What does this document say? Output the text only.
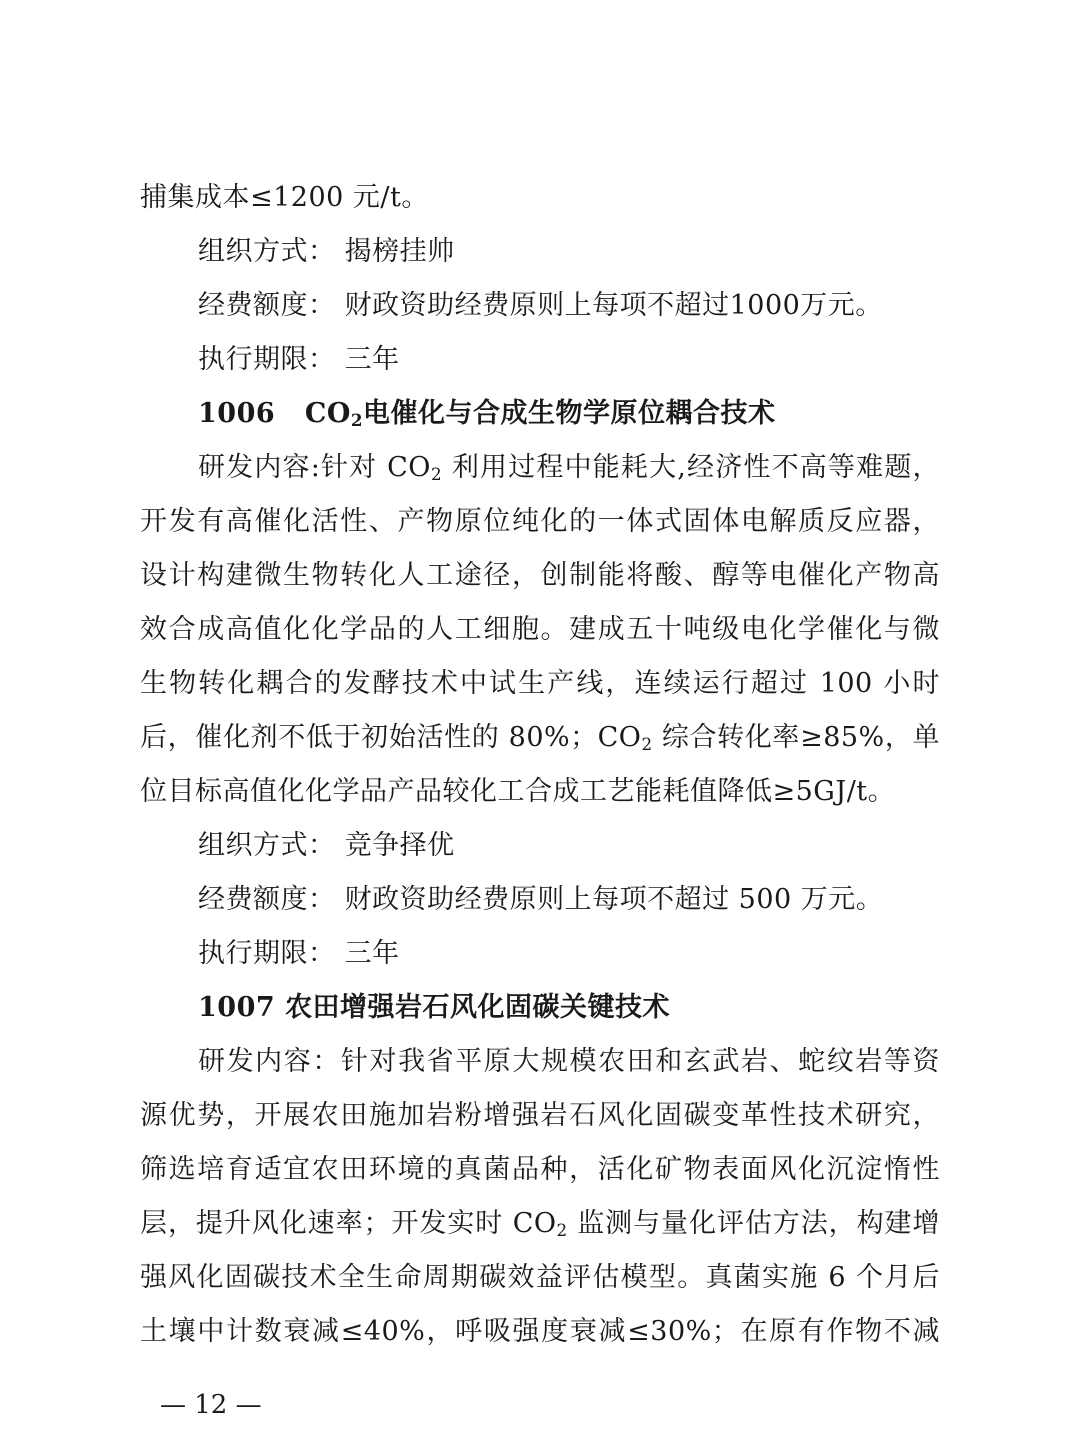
捕集成本≤1200 元/t。
组织方式： 揭榜挂帅
经费额度： 财政资助经费原则上每项不超过1000万元。
执行期限： 三年
1006 $CO_2$电催化与合成生物学原位耦合技术
研发内容:针对 $CO_2$ 利用过程中能耗大,经济性不高等难题，
开发有高催化活性、产物原位纯化的一体式固体电解质反应器，
设计构建微生物转化人工途径，创制能将酸、醇等电催化产物高
效合成高值化化学品的人工细胞。建成五十吨级电化学催化与微
生物转化耦合的发酵技术中试生产线，连续运行超过 100 小时
后，催化剂不低于初始活性的 80%；$CO_2$ 综合转化率≥85%，单
位目标高值化化学品产品较化工合成工艺能耗值降低≥5GJ/t。
组织方式： 竞争择优
经费额度： 财政资助经费原则上每项不超过 500 万元。
执行期限： 三年
1007 农田增强岩石风化固碳关键技术
研发内容：针对我省平原大规模农田和玄武岩、蛇纹岩等资
源优势，开展农田施加岩粉增强岩石风化固碳变革性技术研究，
筛选培育适宜农田环境的真菌品种，活化矿物表面风化沉淀惰性
层，提升风化速率；开发实时 $CO_2$ 监测与量化评估方法，构建增
强风化固碳技术全生命周期碳效益评估模型。真菌实施 6 个月后
土壤中计数衰减≤40%，呼吸强度衰减≤30%；在原有作物不减
— 12 —
